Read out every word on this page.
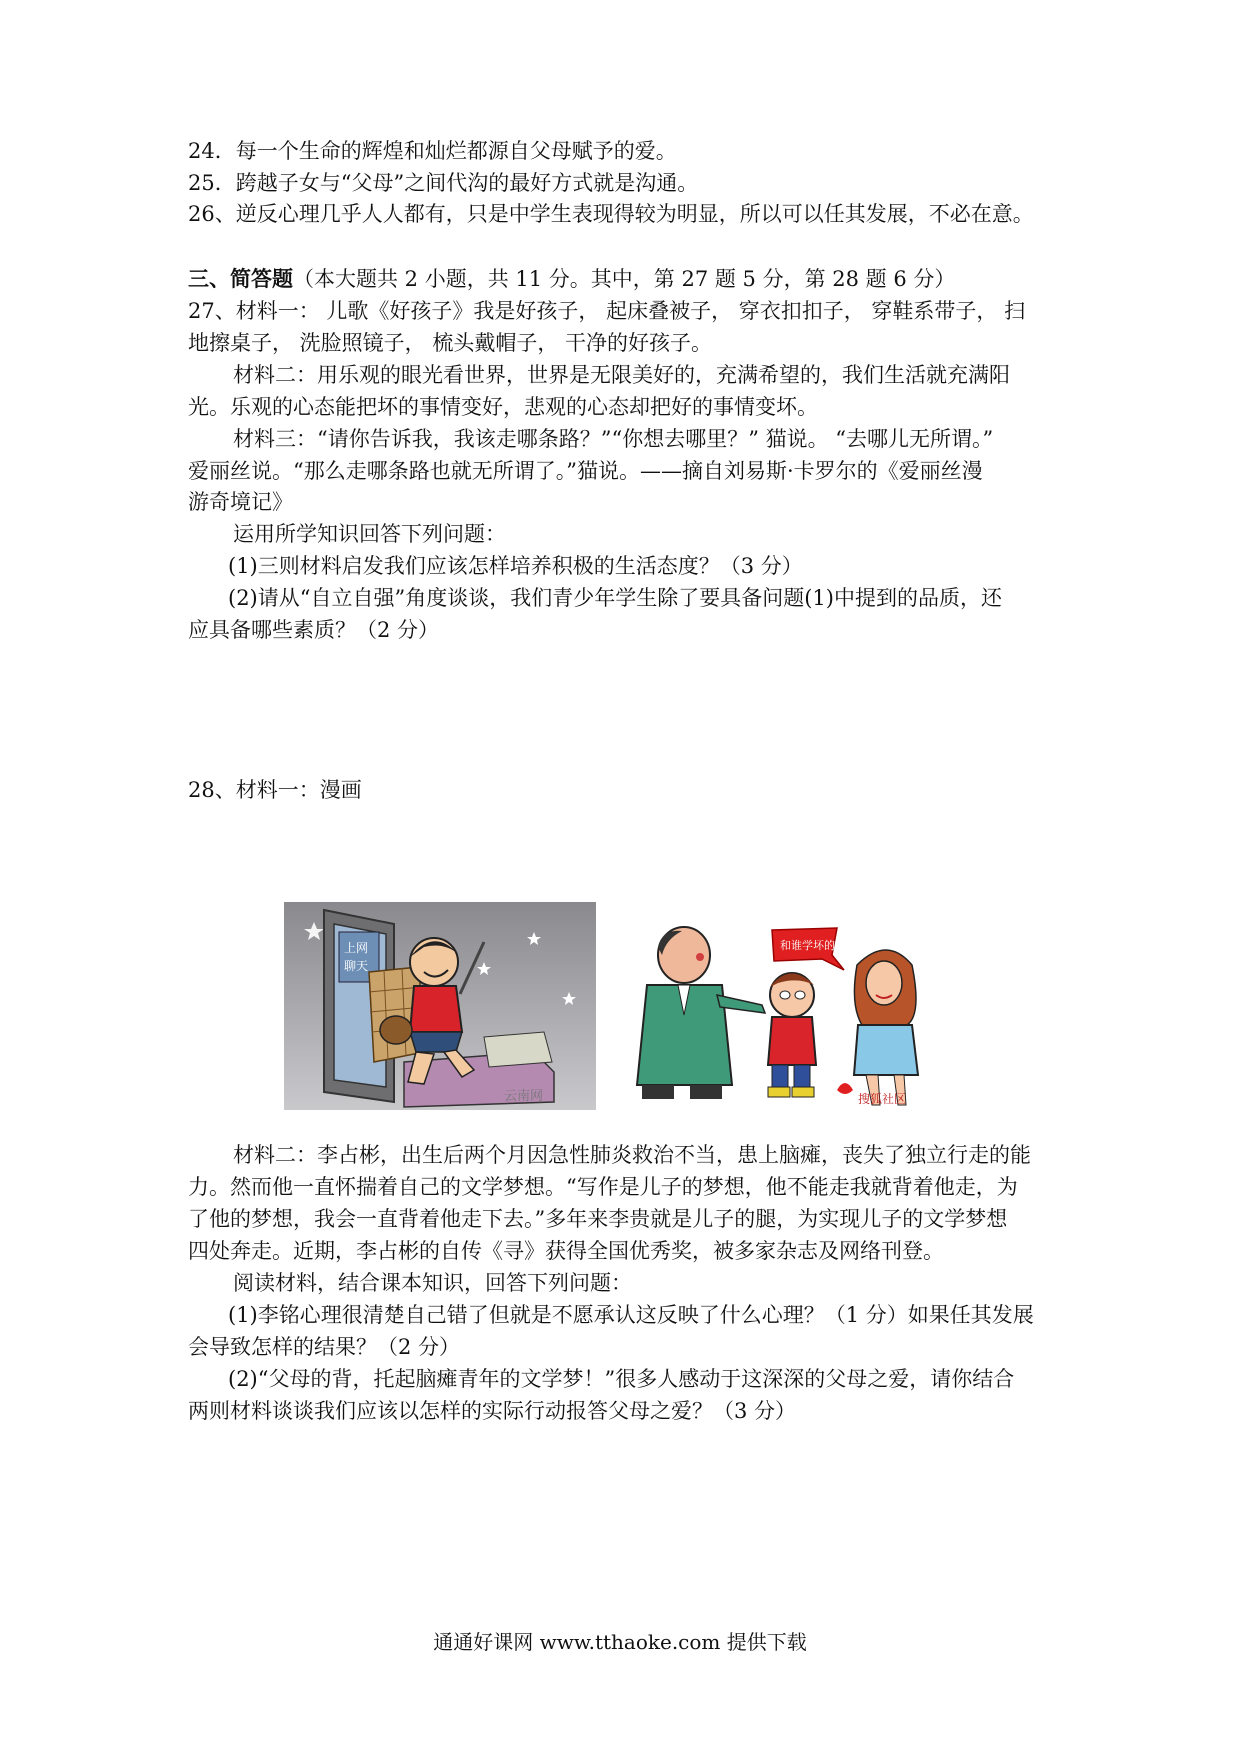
24．每一个生命的辉煌和灿烂都源自父母赋予的爱。
25．跨越子女与“父母”之间代沟的最好方式就是沟通。
26、逆反心理几乎人人都有，只是中学生表现得较为明显，所以可以任其发展，不必在意。
三、简答题（本大题共 2 小题，共 11 分。其中，第 27 题 5 分，第 28 题 6 分）
27、材料一： 儿歌《好孩子》我是好孩子， 起床叠被子， 穿衣扣扣子， 穿鞋系带子， 扫
地擦桌子， 洗脸照镜子， 梳头戴帽子， 干净的好孩子。
材料二：用乐观的眼光看世界，世界是无限美好的，充满希望的，我们生活就充满阳
光。乐观的心态能把坏的事情变好，悲观的心态却把好的事情变坏。
材料三：“请你告诉我，我该走哪条路？”“你想去哪里？” 猫说。 “去哪儿无所谓。”
爱丽丝说。“那么走哪条路也就无所谓了。”猫说。——摘自刘易斯·卡罗尔的《爱丽丝漫
游奇境记》
运用所学知识回答下列问题：
(1)三则材料启发我们应该怎样培养积极的生活态度？（3 分）
(2)请从“自立自强”角度谈谈，我们青少年学生除了要具备问题(1)中提到的品质，还
应具备哪些素质？（2 分）
28、材料一：漫画
上网
聊天
云南网
和谁学坏的!
搜狐社区
材料二：李占彬，出生后两个月因急性肺炎救治不当，患上脑瘫，丧失了独立行走的能
力。然而他一直怀揣着自己的文学梦想。“写作是儿子的梦想，他不能走我就背着他走，为
了他的梦想，我会一直背着他走下去。”多年来李贵就是儿子的腿，为实现儿子的文学梦想
四处奔走。近期，李占彬的自传《寻》获得全国优秀奖，被多家杂志及网络刊登。
阅读材料，结合课本知识，回答下列问题：
(1)李铭心理很清楚自己错了但就是不愿承认这反映了什么心理？（1 分）如果任其发展
会导致怎样的结果？（2 分）
(2)“父母的背，托起脑瘫青年的文学梦！”很多人感动于这深深的父母之爱，请你结合
两则材料谈谈我们应该以怎样的实际行动报答父母之爱？（3 分）
通通好课网 www.tthaoke.com 提供下载
